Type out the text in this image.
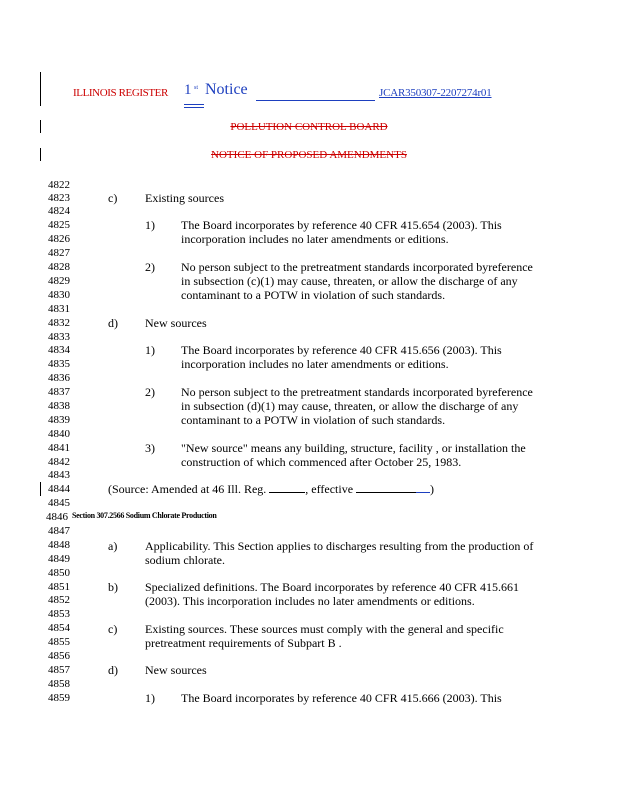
ILLINOIS REGISTER 1 st Notice	JCAR350307-2207274r01
POLLUTION CONTROL BOARD
NOTICE OF PROPOSED AMENDMENTS
4822
4823
4824
4825
4826
4827
4828
4829
4830
4831
4832
4833
4834
4835
4836
4837
4838
4839
4840
4841
4842
4843
4844
4845
4846
4847
4848
4849
4850
4851
4852
4853
4854
4855
4856
4857
4858
4859
c) Existing sources
1) The Board incorporates by reference 40 CFR 415.654 (2003). This
incorporation includes no later amendments or editions.
2) No person subject to the pretreatment standards incorporated byreference
in subsection (c)(1) may cause, threaten, or allow the discharge of any
contaminant to a POTW in violation of such standards.
d) New sources
1) The Board incorporates by reference 40 CFR 415.656 (2003). This
incorporation includes no later amendments or editions.
2) No person subject to the pretreatment standards incorporated byreference
in subsection (d)(1) may cause, threaten, or allow the discharge of any
contaminant to a POTW in violation of such standards.
3) "New source" means any building, structure, facility , or installation the
construction of which commenced after October 25, 1983.
(Source: Amended at 46 Ill. Reg.	, effective	)
Section 307.2566 Sodium Chlorate Production
a) Applicability. This Section applies to discharges resulting from the production of
sodium chlorate.
b) Specialized definitions. The Board incorporates by reference 40 CFR 415.661
(2003). This incorporation includes no later amendments or editions.
c) Existing sources. These sources must comply with the general and specific
pretreatment requirements of Subpart B .
d) New sources
1) The Board incorporates by reference 40 CFR 415.666 (2003). This
